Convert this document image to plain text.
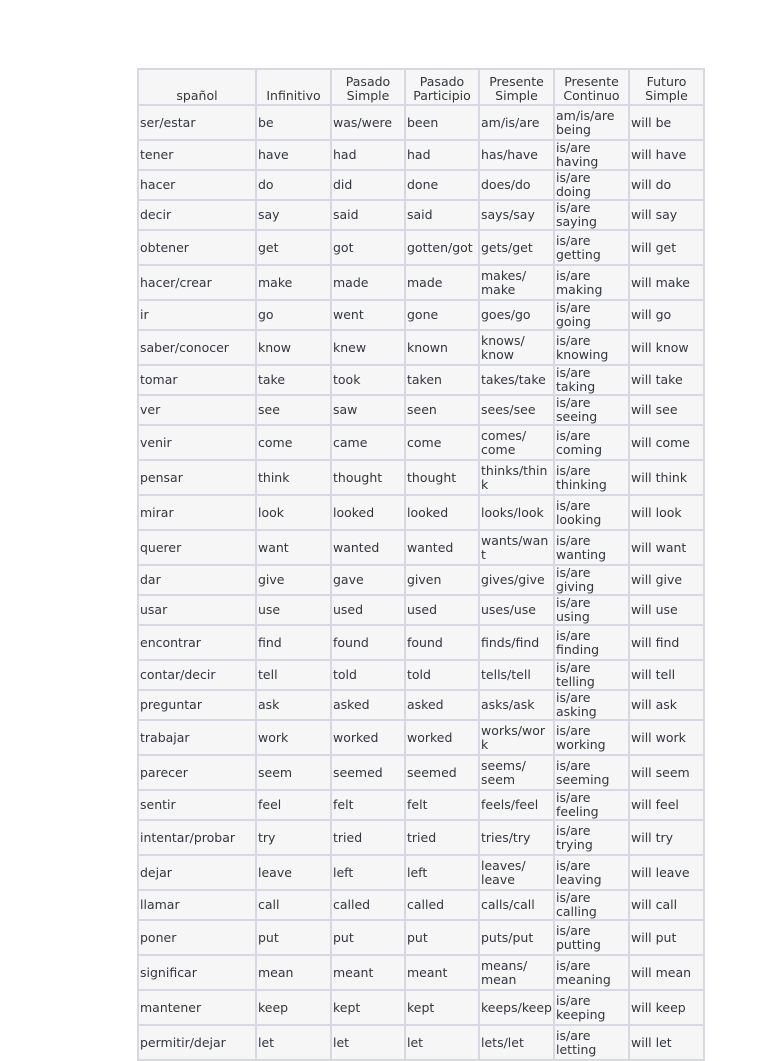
spañol	Infinitivo	Pasado Simple	Pasado Participio	Presente Simple	Presente Continuo	Futuro Simple
ser/estar	be	was/were	been	am/is/are	am/is/are being	will be
tener	have	had	had	has/have	is/are having	will have
hacer	do	did	done	does/do	is/are doing	will do
decir	say	said	said	says/say	is/are saying	will say
obtener	get	got	gotten/got	gets/get	is/are getting	will get
hacer/crear	make	made	made	makes/ make	is/are making	will make
ir	go	went	gone	goes/go	is/are going	will go
saber/conocer	know	knew	known	knows/ know	is/are knowing	will know
tomar	take	took	taken	takes/take	is/are taking	will take
ver	see	saw	seen	sees/see	is/are seeing	will see
venir	come	came	come	comes/ come	is/are coming	will come
pensar	think	thought	thought	thinks/think	is/are thinking	will think
mirar	look	looked	looked	looks/look	is/are looking	will look
querer	want	wanted	wanted	wants/want	is/are wanting	will want
dar	give	gave	given	gives/give	is/are giving	will give
usar	use	used	used	uses/use	is/are using	will use
encontrar	find	found	found	finds/find	is/are finding	will find
contar/decir	tell	told	told	tells/tell	is/are telling	will tell
preguntar	ask	asked	asked	asks/ask	is/are asking	will ask
trabajar	work	worked	worked	works/work	is/are working	will work
parecer	seem	seemed	seemed	seems/ seem	is/are seeming	will seem
sentir	feel	felt	felt	feels/feel	is/are feeling	will feel
intentar/probar	try	tried	tried	tries/try	is/are trying	will try
dejar	leave	left	left	leaves/ leave	is/are leaving	will leave
llamar	call	called	called	calls/call	is/are calling	will call
poner	put	put	put	puts/put	is/are putting	will put
significar	mean	meant	meant	means/ mean	is/are meaning	will mean
mantener	keep	kept	kept	keeps/keep	is/are keeping	will keep
permitir/dejar	let	let	let	lets/let	is/are letting	will let
